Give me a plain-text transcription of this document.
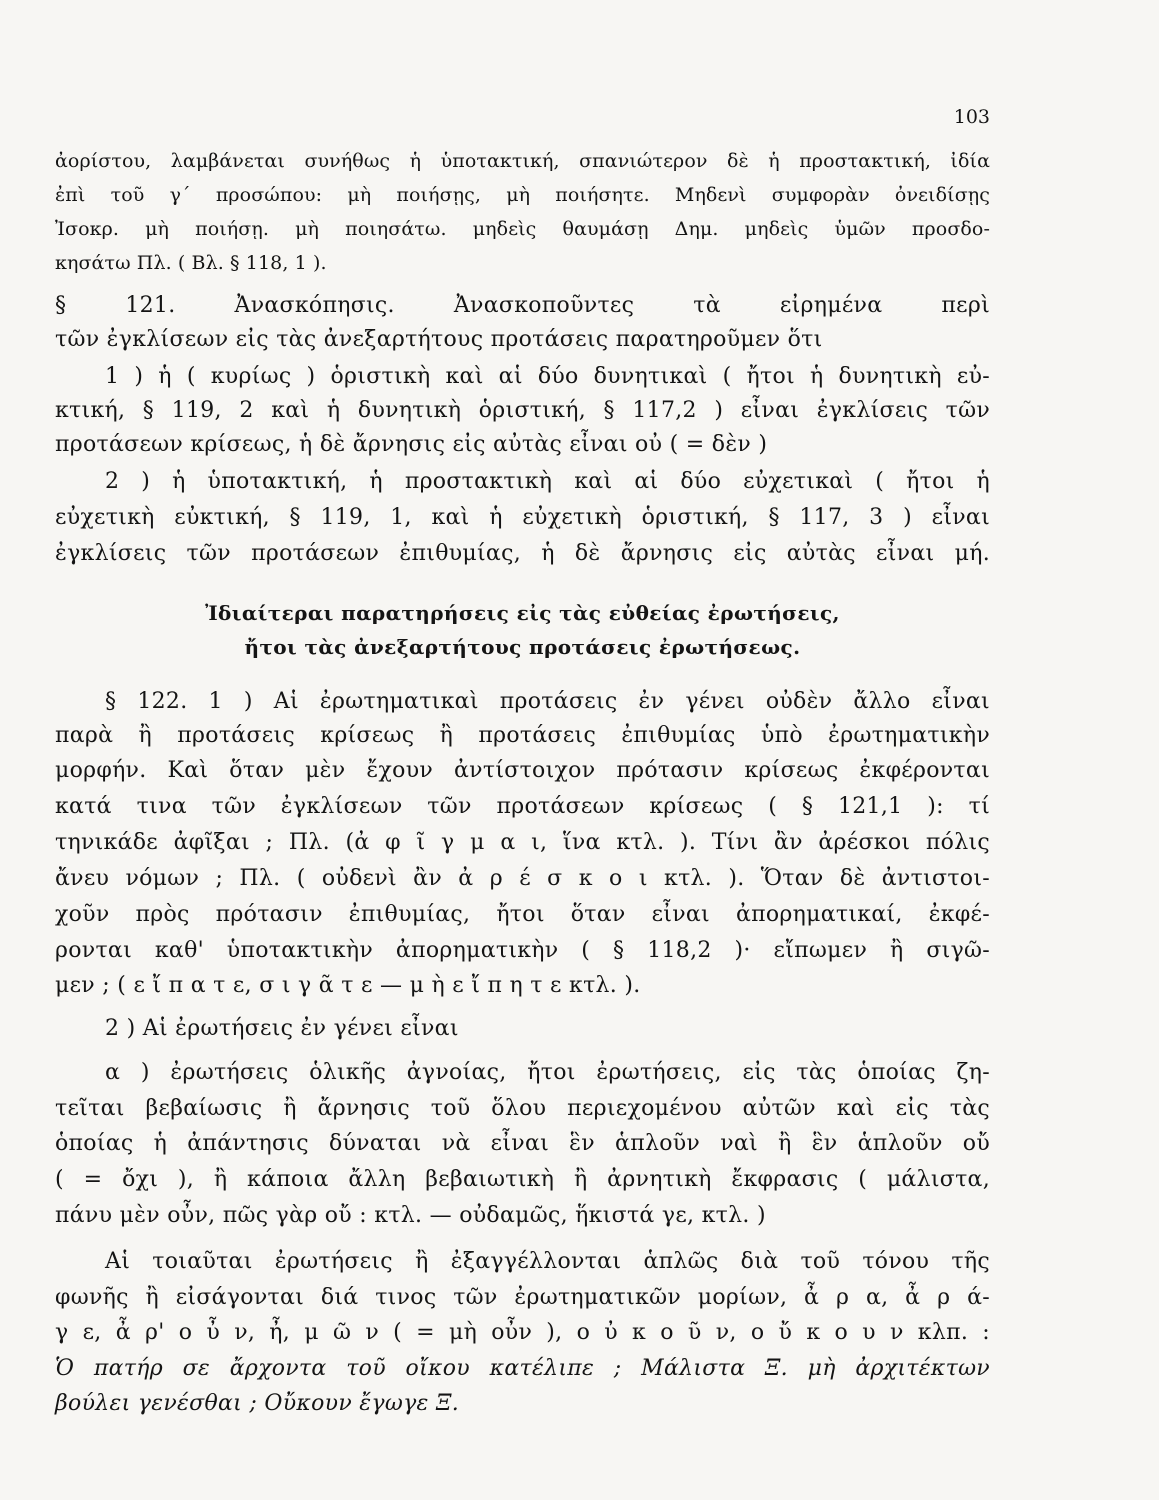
103
ἀορίστου, λαμβάνεται συνήθως ἡ ὑποτακτική, σπανιώτερον δὲ ἡ προστακτική, ἰδία
ἐπὶ τοῦ γ´ προσώπου: μὴ ποιήσῃς, μὴ ποιήσητε. Μηδενὶ συμφορὰν ὀνειδίσῃς
Ἰσοκρ. μὴ ποιήσῃ. μὴ ποιησάτω. μηδεὶς θαυμάσῃ Δημ. μηδεὶς ὑμῶν προσδο-
κησάτω Πλ. ( Βλ. § 118, 1 ).
§ 121. Ἀνασκόπησις. Ἀνασκοποῦντες τὰ εἰρημένα περὶ
τῶν ἐγκλίσεων εἰς τὰς ἀνεξαρτήτους προτάσεις παρατηροῦμεν ὅτι
1 ) ἡ ( κυρίως ) ὁριστικὴ καὶ αἱ δύο δυνητικαὶ ( ἤτοι ἡ δυνητικὴ εὐ-
κτική, § 119, 2 καὶ ἡ δυνητικὴ ὁριστική, § 117,2 ) εἶναι ἐγκλίσεις τῶν
προτάσεων κρίσεως, ἡ δὲ ἄρνησις εἰς αὐτὰς εἶναι οὐ ( = δὲν )
2 ) ἡ ὑποτακτική, ἡ προστακτικὴ καὶ αἱ δύο εὐχετικαὶ ( ἤτοι ἡ
εὐχετικὴ εὐκτική, § 119, 1, καὶ ἡ εὐχετικὴ ὁριστική, § 117, 3 ) εἶναι
ἐγκλίσεις τῶν προτάσεων ἐπιθυμίας, ἡ δὲ ἄρνησις εἰς αὐτὰς εἶναι μή.
Ἰδιαίτεραι παρατηρήσεις εἰς τὰς εὐθείας ἐρωτήσεις,
ἤτοι τὰς ἀνεξαρτήτους προτάσεις ἐρωτήσεως.
§ 122. 1 ) Αἱ ἐρωτηματικαὶ προτάσεις ἐν γένει οὐδὲν ἄλλο εἶναι
παρὰ ἢ προτάσεις κρίσεως ἢ προτάσεις ἐπιθυμίας ὑπὸ ἐρωτηματικὴν
μορφήν. Καὶ ὅταν μὲν ἔχουν ἀντίστοιχον πρότασιν κρίσεως ἐκφέρονται
κατά τινα τῶν ἐγκλίσεων τῶν προτάσεων κρίσεως ( § 121,1 ): τί
τηνικάδε ἀφῖξαι ; Πλ. (ἀ φ ῖ γ μ α ι, ἵνα κτλ. ). Τίνι ἂν ἀρέσκοι πόλις
ἄνευ νόμων ; Πλ. ( οὐδενὶ ἂν ἀ ρ έ σ κ ο ι κτλ. ). Ὅταν δὲ ἀντιστοι-
χοῦν πρὸς πρότασιν ἐπιθυμίας, ἤτοι ὅταν εἶναι ἀπορηματικαί, ἐκφέ-
ρονται καθ' ὑποτακτικὴν ἀπορηματικὴν ( § 118,2 )· εἴπωμεν ἢ σιγῶ-
μεν ; ( ε ἴ π α τ ε, σ ι γ ᾶ τ ε — μ ὴ ε ἴ π η τ ε κτλ. ).
2 ) Αἱ ἐρωτήσεις ἐν γένει εἶναι
α ) ἐρωτήσεις ὁλικῆς ἀγνοίας, ἤτοι ἐρωτήσεις, εἰς τὰς ὁποίας ζη-
τεῖται βεβαίωσις ἢ ἄρνησις τοῦ ὅλου περιεχομένου αὐτῶν καὶ εἰς τὰς
ὁποίας ἡ ἀπάντησις δύναται νὰ εἶναι ἓν ἁπλοῦν ναὶ ἢ ἓν ἁπλοῦν οὔ
( = ὄχι ), ἢ κάποια ἄλλη βεβαιωτικὴ ἢ ἀρνητικὴ ἔκφρασις ( μάλιστα,
πάνυ μὲν οὖν, πῶς γὰρ οὔ : κτλ. — οὐδαμῶς, ἥκιστά γε, κτλ. )
Αἱ τοιαῦται ἐρωτήσεις ἢ ἐξαγγέλλονται ἁπλῶς διὰ τοῦ τόνου τῆς
φωνῆς ἢ εἰσάγονται διά τινος τῶν ἐρωτηματικῶν μορίων, ἆ ρ α, ἆ ρ ά-
γ ε, ἆ ρ' ο ὖ ν, ἦ, μ ῶ ν ( = μὴ οὖν ), ο ὐ κ ο ῦ ν, ο ὔ κ ο υ ν κλπ. :
Ὁ πατήρ σε ἄρχοντα τοῦ οἴκου κατέλιπε ; Μάλιστα Ξ. μὴ ἀρχιτέκτων
βούλει γενέσθαι ; Οὔκουν ἔγωγε Ξ.
